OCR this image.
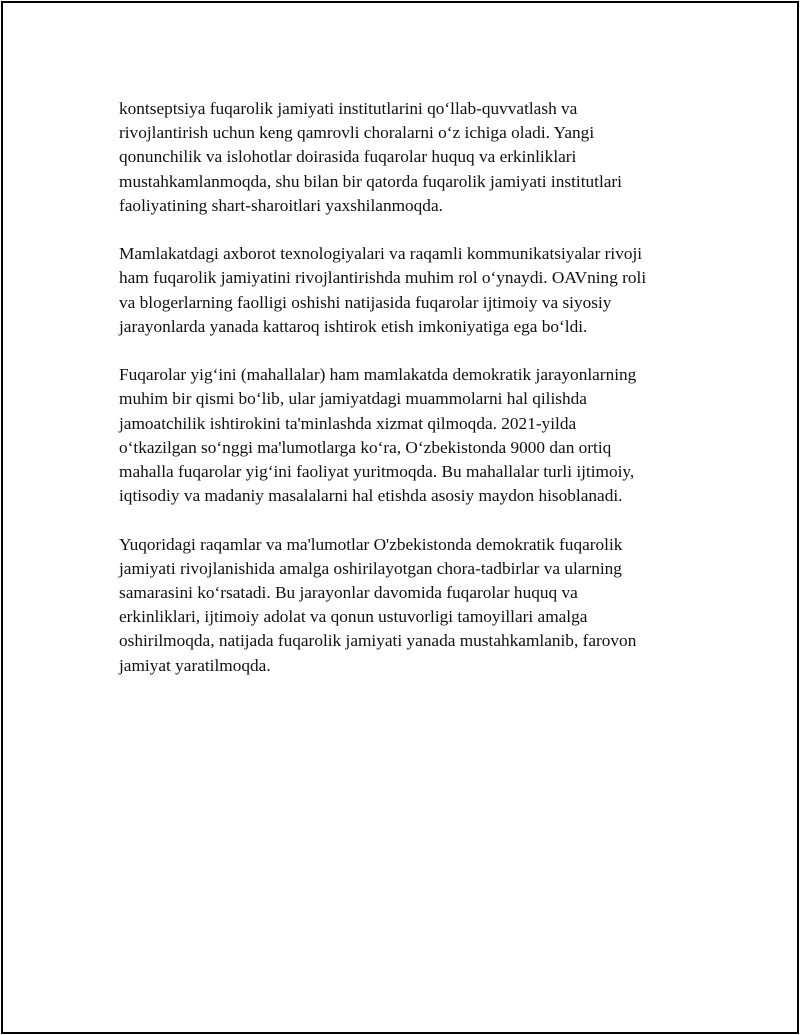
kontseptsiya fuqarolik jamiyati institutlarini qo‘llab-quvvatlash va
rivojlantirish uchun keng qamrovli choralarni o‘z ichiga oladi. Yangi
qonunchilik va islohotlar doirasida fuqarolar huquq va erkinliklari
mustahkamlanmoqda, shu bilan bir qatorda fuqarolik jamiyati institutlari
faoliyatining shart-sharoitlari yaxshilanmoqda.

Mamlakatdagi axborot texnologiyalari va raqamli kommunikatsiyalar rivoji
ham fuqarolik jamiyatini rivojlantirishda muhim rol o‘ynaydi. OAVning roli
va blogerlarning faolligi oshishi natijasida fuqarolar ijtimoiy va siyosiy
jarayonlarda yanada kattaroq ishtirok etish imkoniyatiga ega bo‘ldi.

Fuqarolar yig‘ini (mahallalar) ham mamlakatda demokratik jarayonlarning
muhim bir qismi bo‘lib, ular jamiyatdagi muammolarni hal qilishda
jamoatchilik ishtirokini ta'minlashda xizmat qilmoqda. 2021-yilda
o‘tkazilgan so‘nggi ma'lumotlarga ko‘ra, O‘zbekistonda 9000 dan ortiq
mahalla fuqarolar yig‘ini faoliyat yuritmoqda. Bu mahallalar turli ijtimoiy,
iqtisodiy va madaniy masalalarni hal etishda asosiy maydon hisoblanadi.

Yuqoridagi raqamlar va ma'lumotlar O'zbekistonda demokratik fuqarolik
jamiyati rivojlanishida amalga oshirilayotgan chora-tadbirlar va ularning
samarasini ko‘rsatadi. Bu jarayonlar davomida fuqarolar huquq va
erkinliklari, ijtimoiy adolat va qonun ustuvorligi tamoyillari amalga
oshirilmoqda, natijada fuqarolik jamiyati yanada mustahkamlanib, farovon
jamiyat yaratilmoqda.
